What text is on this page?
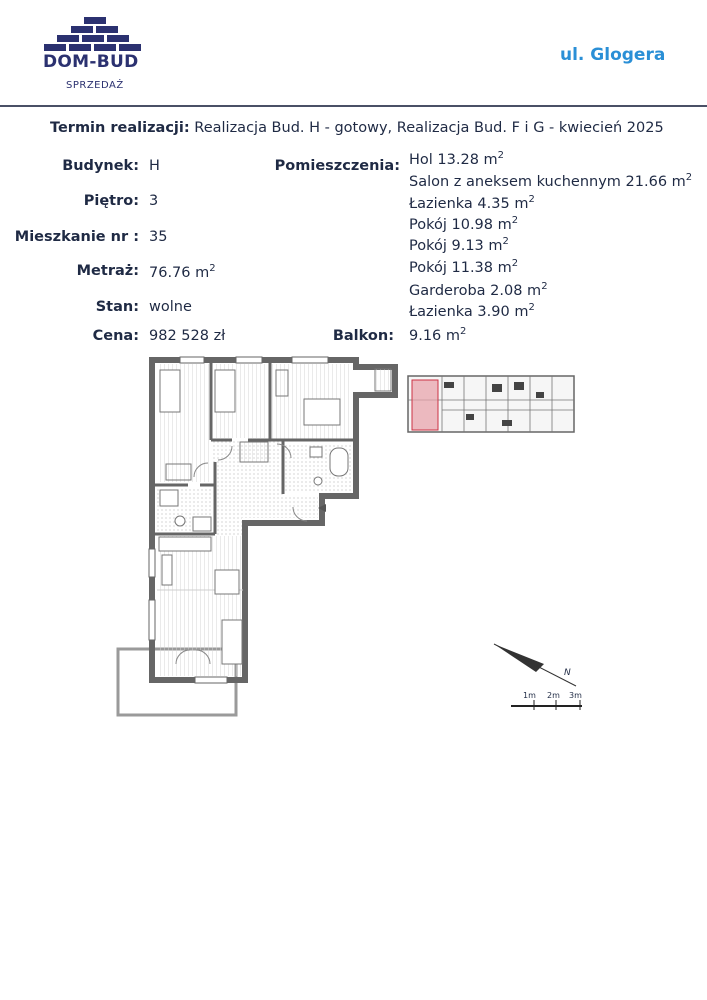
DOM-BUD
SPRZEDAŻ
ul. Glogera
Termin realizacji: Realizacja Bud. H - gotowy, Realizacja Bud. F i G - kwiecień 2025
Budynek: H
Piętro: 3
Mieszkanie nr : 35
Metraż: 76.76 $m^2$
Stan: wolne
Cena: 982 528 zł
Pomieszczenia: Hol 13.28 $m^2$
Salon z aneksem kuchennym 21.66 $m^2$
Łazienka 4.35 $m^2$
Pokój 10.98 $m^2$
Pokój 9.13 $m^2$
Pokój 11.38 $m^2$
Garderoba 2.08 $m^2$
Łazienka 3.90 $m^2$
Balkon: 9.16 $m^2$
N
1m 2m 3m
